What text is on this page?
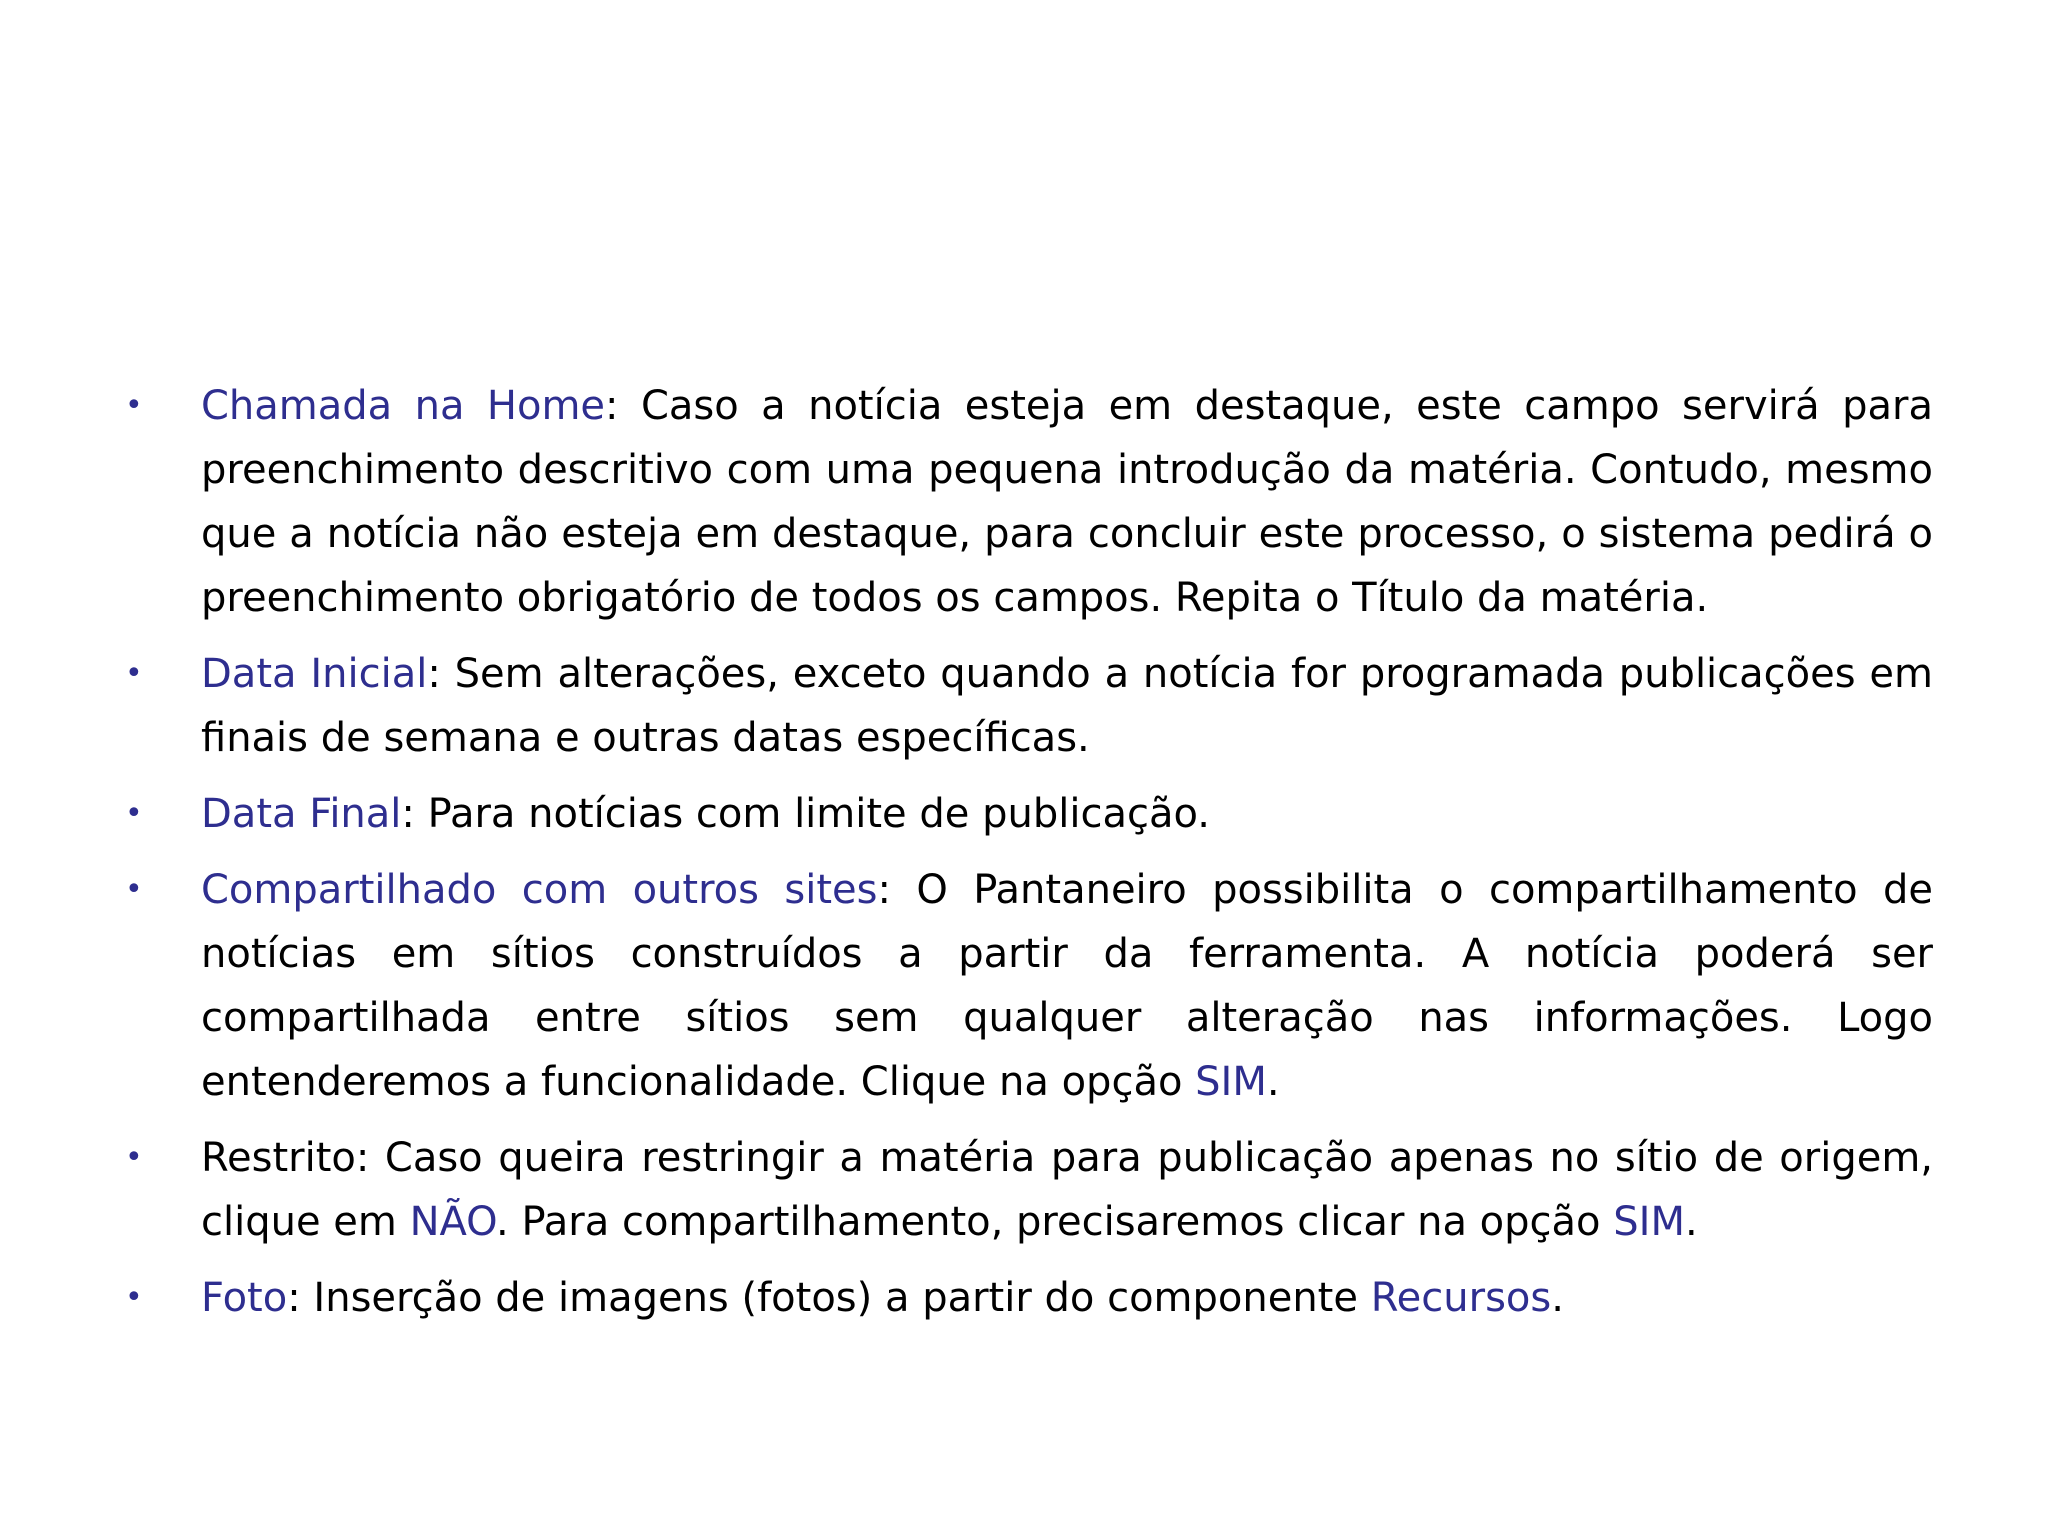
• Chamada na Home: Caso a notícia esteja em destaque, este campo servirá para preenchimento descritivo com uma pequena introdução da matéria. Contudo, mesmo que a notícia não esteja em destaque, para concluir este processo, o sistema pedirá o preenchimento obrigatório de todos os campos. Repita o Título da matéria.
• Data Inicial: Sem alterações, exceto quando a notícia for programada publicações em finais de semana e outras datas específicas.
• Data Final: Para notícias com limite de publicação.
• Compartilhado com outros sites: O Pantaneiro possibilita o compartilhamento de notícias em sítios construídos a partir da ferramenta. A notícia poderá ser compartilhada entre sítios sem qualquer alteração nas informações. Logo entenderemos a funcionalidade. Clique na opção SIM.
• Restrito: Caso queira restringir a matéria para publicação apenas no sítio de origem, clique em NÃO. Para compartilhamento, precisaremos clicar na opção SIM.
• Foto: Inserção de imagens (fotos) a partir do componente Recursos.
